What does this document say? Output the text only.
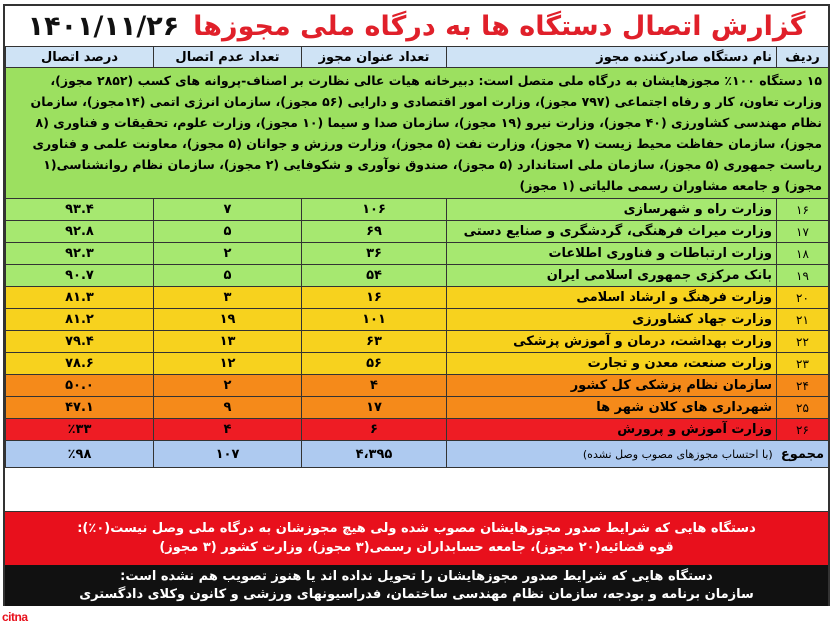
گزارش اتصال دستگاه ها به درگاه ملی مجوزها
۱۴۰۱/۱۱/۲۶
ردیف	نام دستگاه صادرکننده مجوز	تعداد عنوان مجوز	تعداد عدم اتصال	درصد اتصال
۱۵ دستگاه ۱۰۰٪ مجوزهایشان به درگاه ملی متصل است: دبیرخانه هیات عالی نظارت بر اصناف-پروانه های کسب (۲۸۵۲ مجوز)، وزارت تعاون، کار و رفاه اجتماعی (۷۹۷ مجوز)، وزارت امور اقتصادی و دارایی (۵۶ مجوز)، سازمان انرژی اتمی (۱۴مجوز)، سازمان نظام مهندسی کشاورزی (۴۰ مجوز)، وزارت نیرو (۱۹ مجوز)، سازمان صدا و سیما (۱۰ مجوز)، وزارت علوم، تحقیقات و فناوری (۸ مجوز)، سازمان حفاظت محیط زیست (۷ مجوز)، وزارت نفت (۵ مجوز)، وزارت ورزش و جوانان (۵ مجوز)، معاونت علمی و فناوری ریاست جمهوری (۵ مجوز)، سازمان ملی استاندارد (۵ مجوز)، صندوق نوآوری و شکوفایی (۲ مجوز)، سازمان نظام روانشناسی(۱ مجوز) و جامعه مشاوران رسمی مالیاتی (۱ مجوز)				
۱۶	وزارت راه و شهرسازی	۱۰۶	۷	۹۳.۴
۱۷	وزارت میراث فرهنگی، گردشگری و صنایع دستی	۶۹	۵	۹۲.۸
۱۸	وزارت ارتباطات و فناوری اطلاعات	۳۶	۲	۹۲.۳
۱۹	بانک مرکزی جمهوری اسلامی ایران	۵۴	۵	۹۰.۷
۲۰	وزارت فرهنگ و ارشاد اسلامی	۱۶	۳	۸۱.۳
۲۱	وزارت جهاد کشاورزی	۱۰۱	۱۹	۸۱.۲
۲۲	وزارت بهداشت، درمان و آموزش پزشکی	۶۳	۱۳	۷۹.۴
۲۳	وزارت صنعت، معدن و تجارت	۵۶	۱۲	۷۸.۶
۲۴	سازمان نظام پزشکی کل کشور	۴	۲	۵۰.۰
۲۵	شهرداری های کلان شهر ها	۱۷	۹	۴۷.۱
۲۶	وزارت آموزش و پرورش	۶	۴	٪۳۳
مجموع (با احتساب مجوزهای مصوب وصل نشده)		۴،۳۹۵	۱۰۷	٪۹۸
دستگاه هایی که شرایط صدور مجوزهایشان مصوب شده ولی هیچ مجوزشان به درگاه ملی وصل نیست(۰٪):
قوه قضائیه(۲۰ مجوز)، جامعه حسابداران رسمی(۳ مجوز)، وزارت کشور (۳ مجوز)
دستگاه هایی که شرایط صدور مجوزهایشان را تحویل نداده اند یا هنوز تصویب هم نشده است:
سازمان برنامه و بودجه، سازمان نظام مهندسی ساختمان، فدراسیونهای ورزشی و کانون وکلای دادگستری
citna
